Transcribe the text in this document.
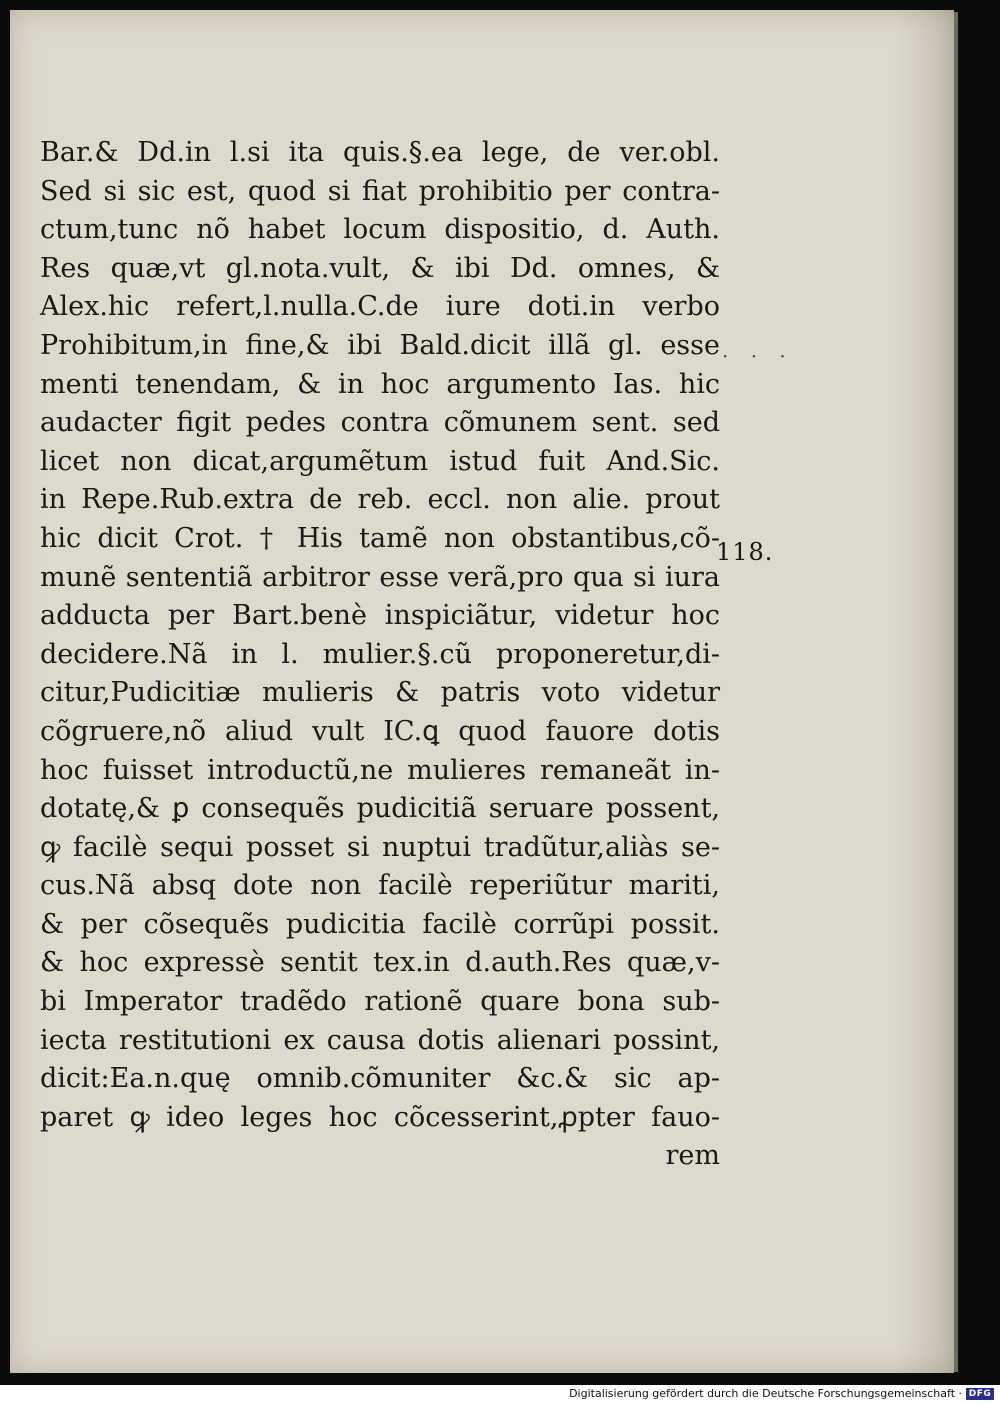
Bar.& Dd.in l.si ita quis.§.ea lege, de ver.obl.
Sed si sic est, quod si fiat prohibitio per contra-
ctum,tunc nõ habet locum dispositio, d. Auth.
Res quæ,vt gl.nota.vult, & ibi Dd. omnes, &
Alex.hic refert,l.nulla.C.de iure doti.in verbo
Prohibitum,in fine,& ibi Bald.dicit illã gl. esse
menti tenendam, & in hoc argumento Ias. hic
audacter figit pedes contra cõmunem sent. sed
licet non dicat,argumẽtum istud fuit And.Sic.
in Repe.Rub.extra de reb. eccl. non alie. prout
hic dicit Crot. † His tamẽ non obstantibus,cõ-
munẽ sententiã arbitror esse verã,pro qua si iura
adducta per Bart.benè inspiciãtur, videtur hoc
decidere.Nã in l. mulier.§.cũ proponeretur,di-
citur,Pudicitiæ mulieris & patris voto videtur
cõgruere,nõ aliud vult IC.ꝗ quod fauore dotis
hoc fuisset introductũ,ne mulieres remaneãt in-
dotatę,& ꝑ consequẽs pudicitiã seruare possent,
ꝙ facilè sequi posset si nuptui tradũtur,aliàs se-
cus.Nã absq dote non facilè reperiũtur mariti,
& per cõsequẽs pudicitia facilè corrũpi possit.
& hoc expressè sentit tex.in d.auth.Res quæ,v-
bi Imperator tradẽdo rationẽ quare bona sub-
iecta restitutioni ex causa dotis alienari possint,
dicit:Ea.n.quę omnib.cõmuniter &c.& sic ap-
paret ꝙ ideo leges hoc cõcesserint,ꝓpter fauo-
rem
· · ·
118.
Digitalisierung gefördert durch die Deutsche Forschungsgemeinschaft · DFG
